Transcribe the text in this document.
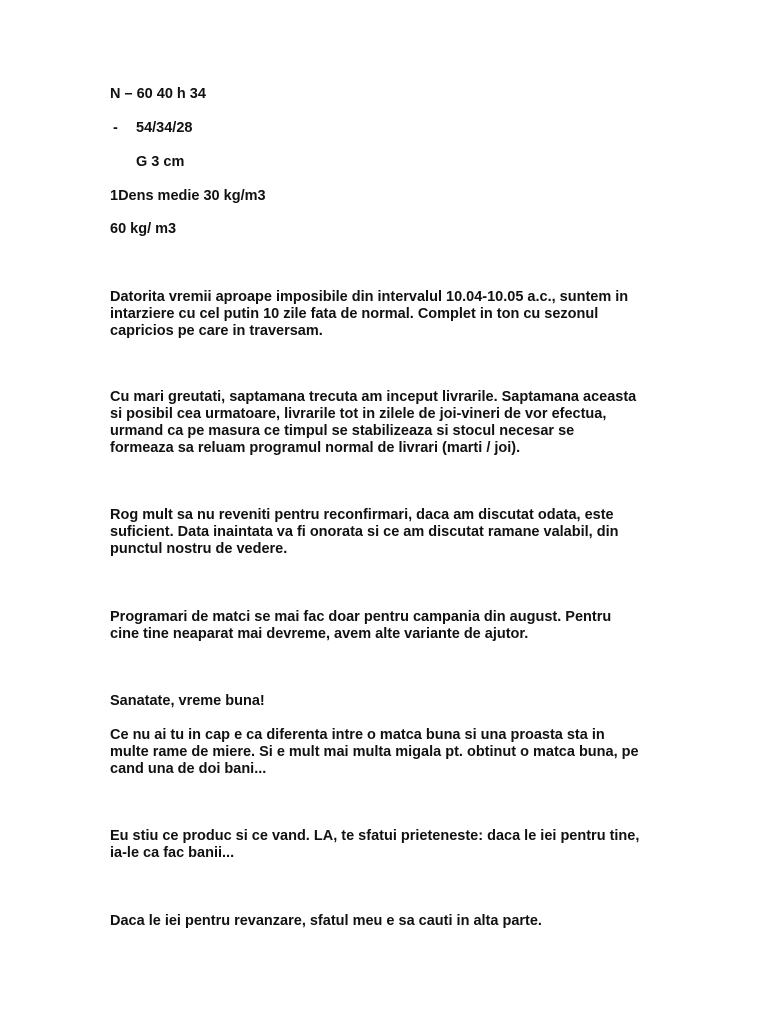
N – 60 40 h 34
- 54/34/28
G 3 cm
1Dens medie 30 kg/m3
60 kg/ m3
Datorita vremii aproape imposibile din intervalul 10.04-10.05 a.c., suntem in
intarziere cu cel putin 10 zile fata de normal. Complet in ton cu sezonul
capricios pe care in traversam.
Cu mari greutati, saptamana trecuta am inceput livrarile. Saptamana aceasta
si posibil cea urmatoare, livrarile tot in zilele de joi-vineri de vor efectua,
urmand ca pe masura ce timpul se stabilizeaza si stocul necesar se
formeaza sa reluam programul normal de livrari (marti / joi).
Rog mult sa nu reveniti pentru reconfirmari, daca am discutat odata, este
suficient. Data inaintata va fi onorata si ce am discutat ramane valabil, din
punctul nostru de vedere.
Programari de matci se mai fac doar pentru campania din august. Pentru
cine tine neaparat mai devreme, avem alte variante de ajutor.
Sanatate, vreme buna!
Ce nu ai tu in cap e ca diferenta intre o matca buna si una proasta sta in
multe rame de miere. Si e mult mai multa migala pt. obtinut o matca buna, pe
cand una de doi bani...
Eu stiu ce produc si ce vand. LA, te sfatui prieteneste: daca le iei pentru tine,
ia-le ca fac banii...
Daca le iei pentru revanzare, sfatul meu e sa cauti in alta parte.
